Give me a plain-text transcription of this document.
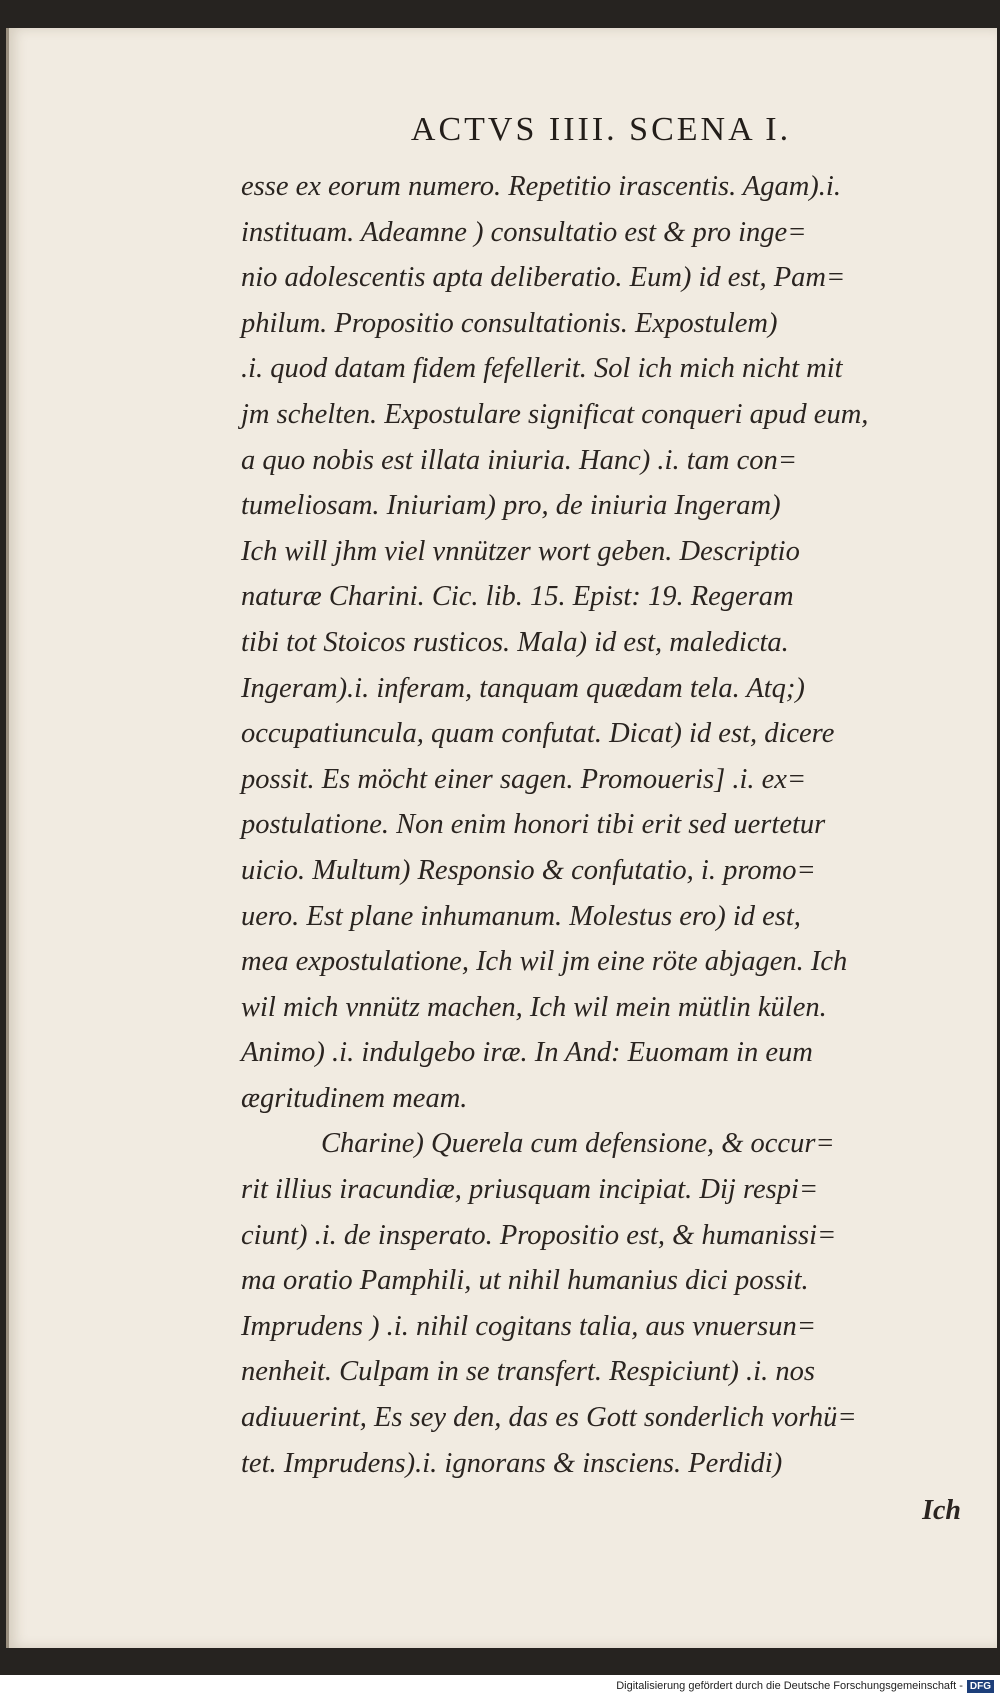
ACTVS IIII. SCENA I.

esse ex eorum numero. Repetitio irascentis. Agam).i.

instituam. Adeamne ) consultatio est & pro inge=

nio adolescentis apta deliberatio. Eum) id est, Pam=

philum. Propositio consultationis. Expostulem)

.i. quod datam fidem fefellerit. Sol ich mich nicht mit

jm schelten. Expostulare significat conqueri apud eum,

a quo nobis est illata iniuria. Hanc) .i. tam con=

tumeliosam. Iniuriam) pro, de iniuria Ingeram)

Ich will jhm viel vnnützer wort geben. Descriptio

naturæ Charini. Cic. lib. 15. Epist: 19. Regeram

tibi tot Stoicos rusticos. Mala) id est, maledicta.

Ingeram).i. inferam, tanquam quædam tela. Atq;)

occupatiuncula, quam confutat. Dicat) id est, dicere

possit. Es möcht einer sagen. Promoueris] .i. ex=

postulatione. Non enim honori tibi erit sed uertetur

uicio. Multum) Responsio & confutatio, i. promo=

uero. Est plane inhumanum. Molestus ero) id est,

mea expostulatione, Ich wil jm eine röte abjagen. Ich

wil mich vnnütz machen, Ich wil mein mütlin külen.

Animo) .i. indulgebo iræ. In And: Euomam in eum

ægritudinem meam.

Charine) Querela cum defensione, & occur=

rit illius iracundiæ, priusquam incipiat. Dij respi=

ciunt) .i. de insperato. Propositio est, & humanissi=

ma oratio Pamphili, ut nihil humanius dici possit.

Imprudens ) .i. nihil cogitans talia, aus vnuersun=

nenheit. Culpam in se transfert. Respiciunt) .i. nos

adiuuerint, Es sey den, das es Gott sonderlich vorhü=

tet. Imprudens).i. ignorans & insciens. Perdidi)

Ich
Digitalisierung gefördert durch die Deutsche Forschungsgemeinschaft - DFG
